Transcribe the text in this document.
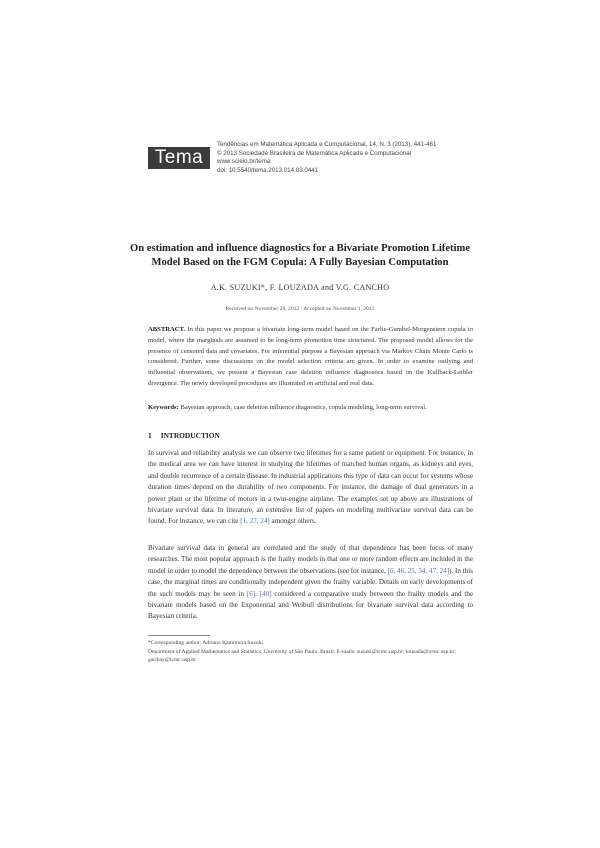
Tema
Tendências em Matemática Aplicada e Computacional, 14, N. 3 (2013), 441-461
© 2013 Sociedade Brasileira de Matemática Aplicada e Computacional
www.scielo.br/tema
doi: 10.5540/tema.2013.014.03.0441
On estimation and influence diagnostics for a Bivariate Promotion Lifetime
Model Based on the FGM Copula: A Fully Bayesian Computation
A.K. SUZUKI*, F. LOUZADA and V.G. CANCHO
Received on November 28, 2012 / Accepted on November 1, 2013
ABSTRACT. In this paper we propose a bivariate long-term model based on the Farlie-Gumbel-Morgenstern copula to model, where the marginals are assumed to be long-term promotion time structured. The proposed model allows for the presence of censored data and covariates. For inferential purpose a Bayesian approach via Markov Chain Monte Carlo is considered. Further, some discussions on the model selection criteria are given. In order to examine outlying and influential observations, we present a Bayesian case deletion influence diagnostics based on the Kullback-Leibler divergence. The newly developed procedures are illustrated on artificial and real data.
Keywords: Bayesian approach, case deletion influence diagnostics, copula modeling, long-term survival.
1 INTRODUCTION
In survival and reliability analysis we can observe two lifetimes for a same patient or equipment. For instance, in the medical area we can have interest in studying the lifetimes of matched human organs, as kidneys and eyes, and double recurrence of a certain disease. In industrial applications this type of data can occur for systems whose duration times depend on the durability of two components. For instance, the damage of dual generators in a power plant or the lifetime of motors in a twin-engine airplane. The examples set up above are illustrations of bivariate survival data. In literature, an extensive list of papers on modeling multivariate survival data can be found. For instance, we can cite [1, 27, 24] amongst others.
Bivariate survival data in general are correlated and the study of that dependence has been focus of many researches. The most popular approach is the frailty models in that one or more random effects are included in the model in order to model the dependence between the observations (see for instance, [6, 46, 25, 34, 47, 24]). In this case, the marginal times are conditionally independent given the frailty variable. Details on early developments of the such models may be seen in [6]. [40] considered a comparative study between the frailty models and the bivariate models based on the Exponential and Weibull distributions for bivariate survival data according to Bayesian criteria.
*Corresponding author: Adriano Kamimura Suzuki
Department of Applied Mathematics and Statistics, University of São Paulo, Brazil. E-mails: suzuki@icmc.usp.br; louzada@icmc.usp.br; garibay@icmc.usp.br
